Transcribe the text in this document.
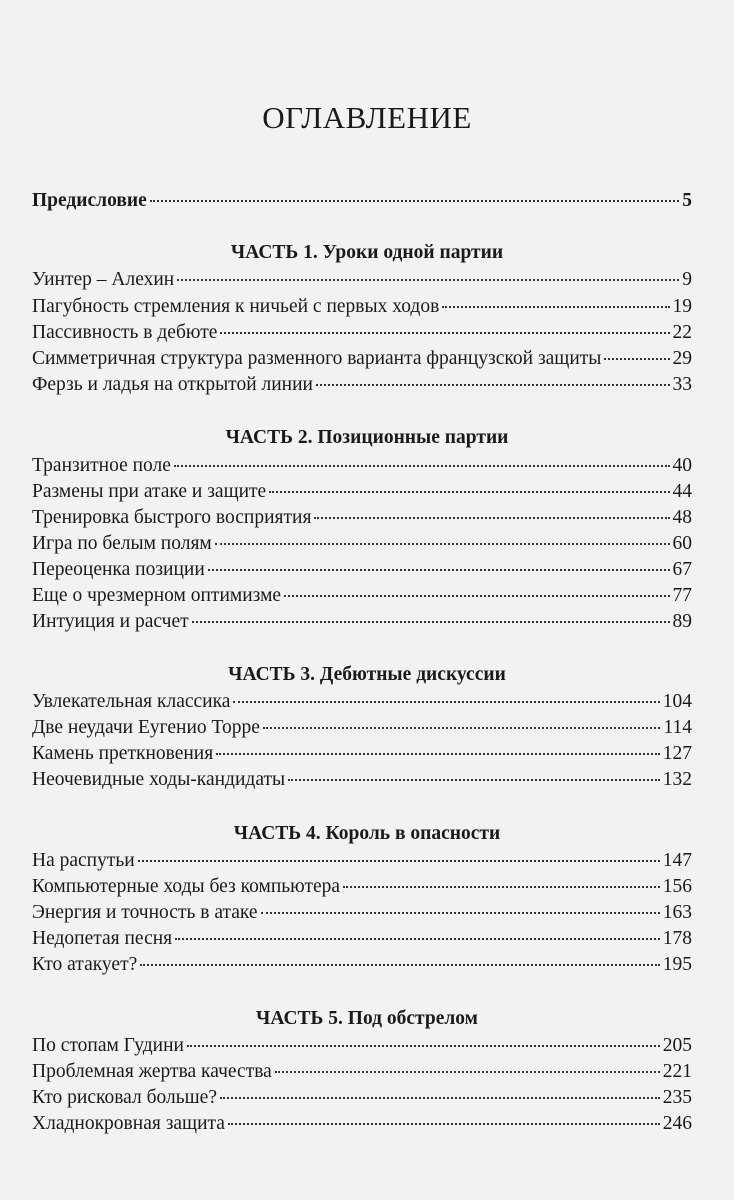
ОГЛАВЛЕНИЕ
Предисловие	5
ЧАСТЬ 1. Уроки одной партии
Уинтер – Алехин	9
Пагубность стремления к ничьей с первых ходов	19
Пассивность в дебюте	22
Симметричная структура разменного варианта французской защиты	29
Ферзь и ладья на открытой линии	33
ЧАСТЬ 2. Позиционные партии
Транзитное поле	40
Размены при атаке и защите	44
Тренировка быстрого восприятия	48
Игра по белым полям	60
Переоценка позиции	67
Еще о чрезмерном оптимизме	77
Интуиция и расчет	89
ЧАСТЬ 3. Дебютные дискуссии
Увлекательная классика	104
Две неудачи Еугенио Торре	114
Камень преткновения	127
Неочевидные ходы-кандидаты	132
ЧАСТЬ 4. Король в опасности
На распутьи	147
Компьютерные ходы без компьютера	156
Энергия и точность в атаке	163
Недопетая песня	178
Кто атакует?	195
ЧАСТЬ 5. Под обстрелом
По стопам Гудини	205
Проблемная жертва качества	221
Кто рисковал больше?	235
Хладнокровная защита	246
